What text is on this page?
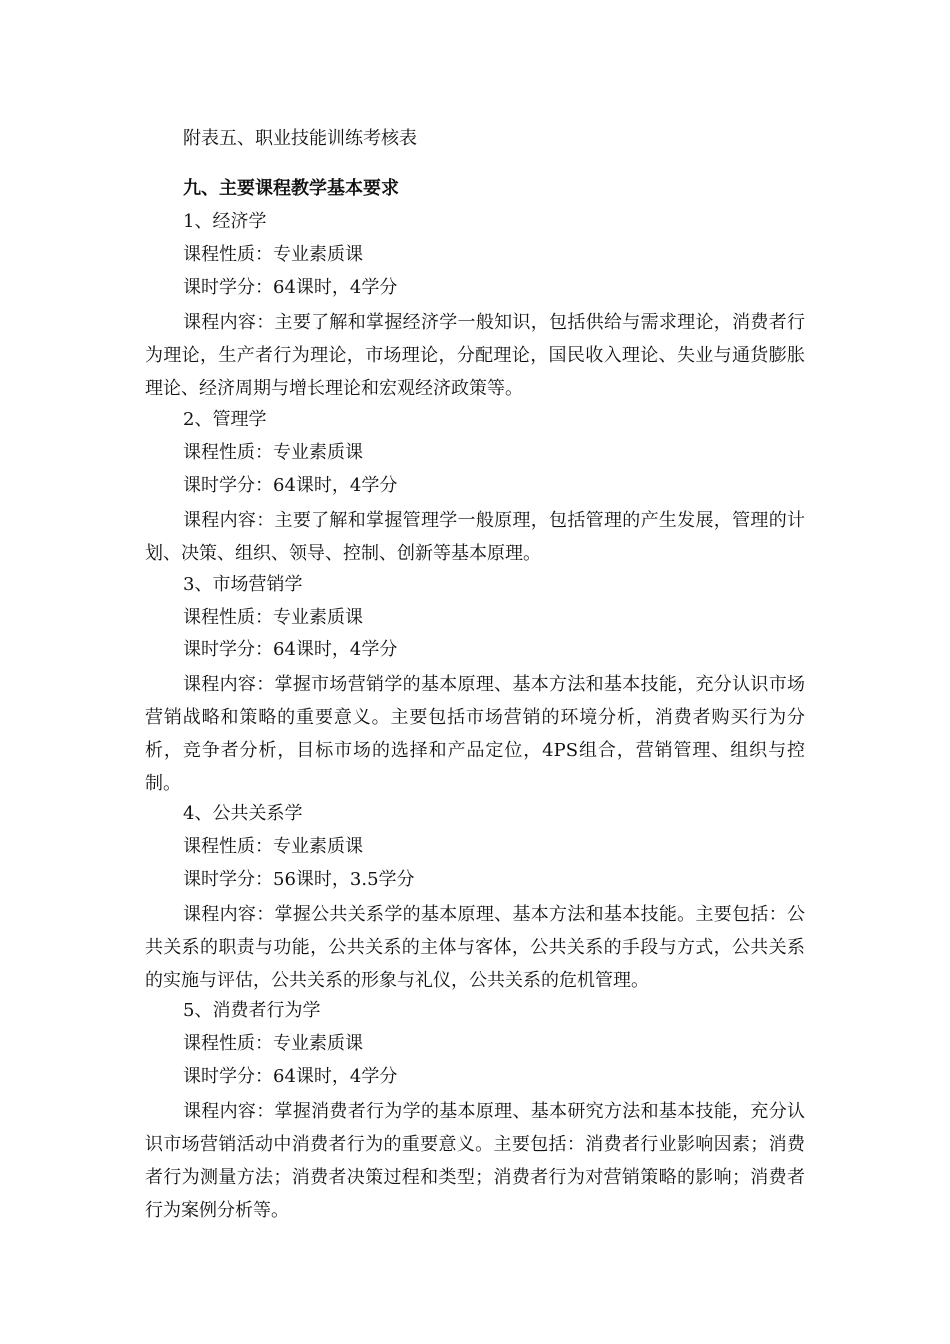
附表五、职业技能训练考核表
九、主要课程教学基本要求
1、经济学
课程性质：专业素质课
课时学分：64课时，4学分
课程内容：主要了解和掌握经济学一般知识，包括供给与需求理论，消费者行为理论，生产者行为理论，市场理论，分配理论，国民收入理论、失业与通货膨胀理论、经济周期与增长理论和宏观经济政策等。
2、管理学
课程性质：专业素质课
课时学分：64课时，4学分
课程内容：主要了解和掌握管理学一般原理，包括管理的产生发展，管理的计划、决策、组织、领导、控制、创新等基本原理。
3、市场营销学
课程性质：专业素质课
课时学分：64课时，4学分
课程内容：掌握市场营销学的基本原理、基本方法和基本技能，充分认识市场营销战略和策略的重要意义。主要包括市场营销的环境分析，消费者购买行为分析，竞争者分析，目标市场的选择和产品定位，4PS组合，营销管理、组织与控制。
4、公共关系学
课程性质：专业素质课
课时学分：56课时，3.5学分
课程内容：掌握公共关系学的基本原理、基本方法和基本技能。主要包括：公共关系的职责与功能，公共关系的主体与客体，公共关系的手段与方式，公共关系的实施与评估，公共关系的形象与礼仪，公共关系的危机管理。
5、消费者行为学
课程性质：专业素质课
课时学分：64课时，4学分
课程内容：掌握消费者行为学的基本原理、基本研究方法和基本技能，充分认识市场营销活动中消费者行为的重要意义。主要包括：消费者行业影响因素；消费者行为测量方法；消费者决策过程和类型；消费者行为对营销策略的影响；消费者行为案例分析等。
